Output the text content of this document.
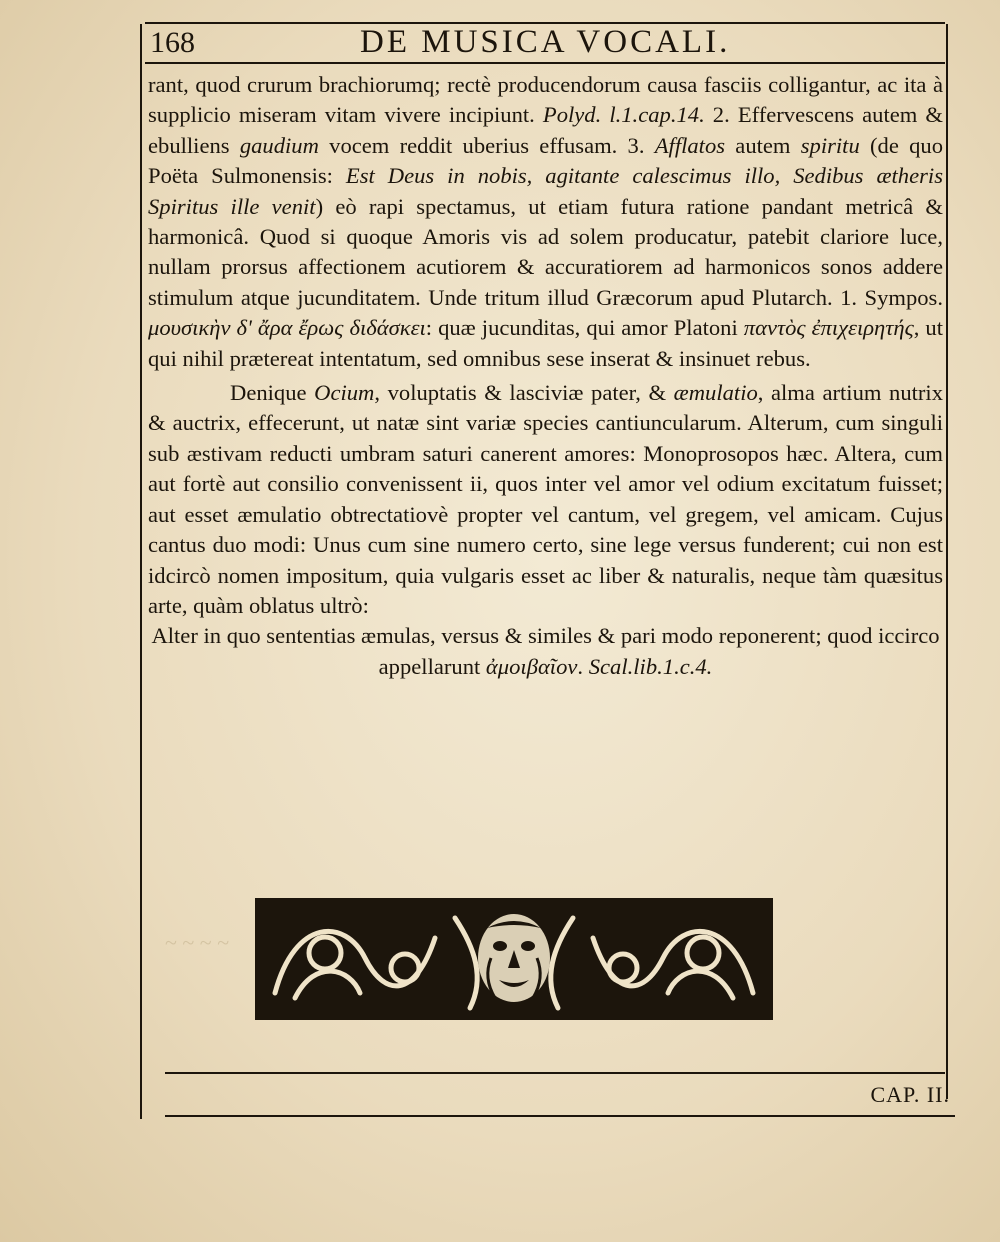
~ ~ ~ ~
168	DE MUSICA VOCALI.

rant, quod crurum brachiorumq; rectè producendorum causa fasciis colligantur, ac ita à supplicio miseram vitam vivere incipiunt. Polyd. l.1.cap.14. 2. Effervescens autem & ebulliens gaudium vocem reddit uberius effusam. 3. Afflatos autem spiritu (de quo Poëta Sulmonensis: Est Deus in nobis, agitante calescimus illo, Sedibus ætheris Spiritus ille venit) eò rapi spectamus, ut etiam futura ratione pandant metricâ & harmonicâ. Quod si quoque Amoris vis ad solem producatur, patebit clariore luce, nullam prorsus affectionem acutiorem & accuratiorem ad harmonicos sonos addere stimulum atque jucunditatem. Unde tritum illud Græcorum apud Plutarch. 1. Sympos. μουσικὴν δ' ἄρα ἔρως διδάσκει: quæ jucunditas, qui amor Platoni παντὸς ἐπιχειρητής, ut qui nihil prætereat intentatum, sed omnibus sese inserat & insinuet rebus.

Denique Ocium, voluptatis & lasciviæ pater, & æmulatio, alma artium nutrix & auctrix, effecerunt, ut natæ sint variæ species cantiuncularum. Alterum, cum singuli sub æstivam reducti umbram saturi canerent amores: Monoprosopos hæc. Altera, cum aut fortè aut consilio convenissent ii, quos inter vel amor vel odium excitatum fuisset; aut esset æmulatio obtrectatiovè propter vel cantum, vel gregem, vel amicam. Cujus cantus duo modi: Unus cum sine numero certo, sine lege versus funderent; cui non est idcircò nomen impositum, quia vulgaris esset ac liber & naturalis, neque tàm quæsitus arte, quàm oblatus ultrò:

Alter in quo sententias æmulas, versus & similes & pari modo reponerent; quod iccirco appellarunt ἀμοιβαῖον. Scal.lib.1.c.4.

CAP. II.
